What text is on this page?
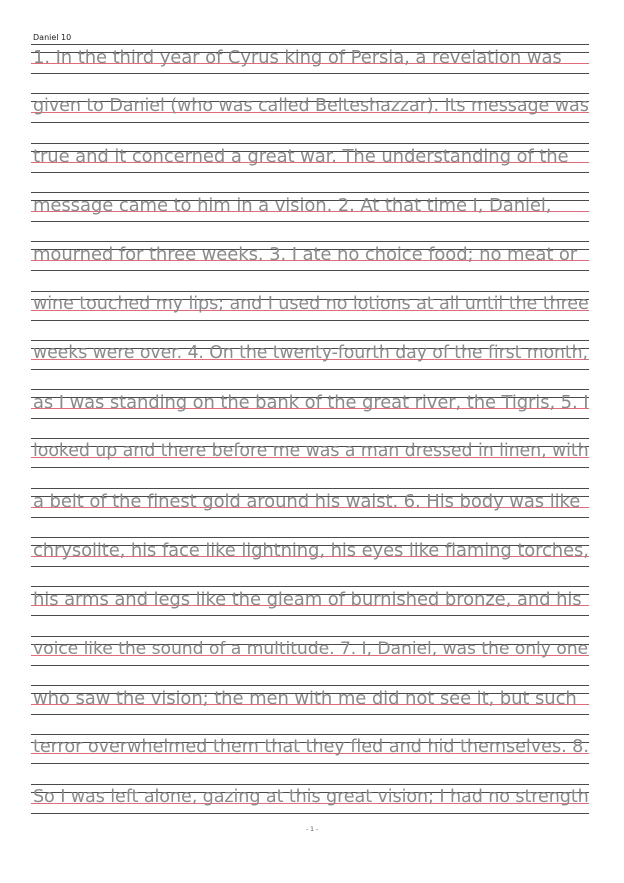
Daniel 10
1. In the third year of Cyrus king of Persia, a revelation was
given to Daniel (who was called Belteshazzar). Its message was
true and it concerned a great war. The understanding of the
message came to him in a vision. 2. At that time I, Daniel,
mourned for three weeks. 3. I ate no choice food; no meat or
wine touched my lips; and I used no lotions at all until the three
weeks were over. 4. On the twenty-fourth day of the first month,
as I was standing on the bank of the great river, the Tigris, 5. I
looked up and there before me was a man dressed in linen, with
a belt of the finest gold around his waist. 6. His body was like
chrysolite, his face like lightning, his eyes like flaming torches,
his arms and legs like the gleam of burnished bronze, and his
voice like the sound of a multitude. 7. I, Daniel, was the only one
who saw the vision; the men with me did not see it, but such
terror overwhelmed them that they fled and hid themselves. 8.
So I was left alone, gazing at this great vision; I had no strength
- 1 -
